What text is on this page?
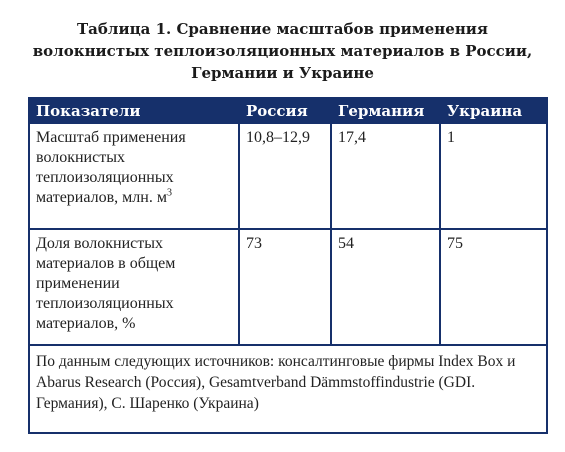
Таблица 1. Сравнение масштабов применения
волокнистых теплоизоляционных материалов в России,
Германии и Украине
Показатели	Россия	Германия	Украина
Масштаб применения волокнистых теплоизоляционных материалов, млн. $м^3$	10,8–12,9	17,4	1
Доля волокнистых материалов в общем применении теплоизоляционных материалов, %	73	54	75
По данным следующих источников: консалтинговые фирмы Index Box и Abarus Research (Россия), Gesamtverband Dämmstoffindustrie (GDI. Германия), С. Шаренко (Украина)			
